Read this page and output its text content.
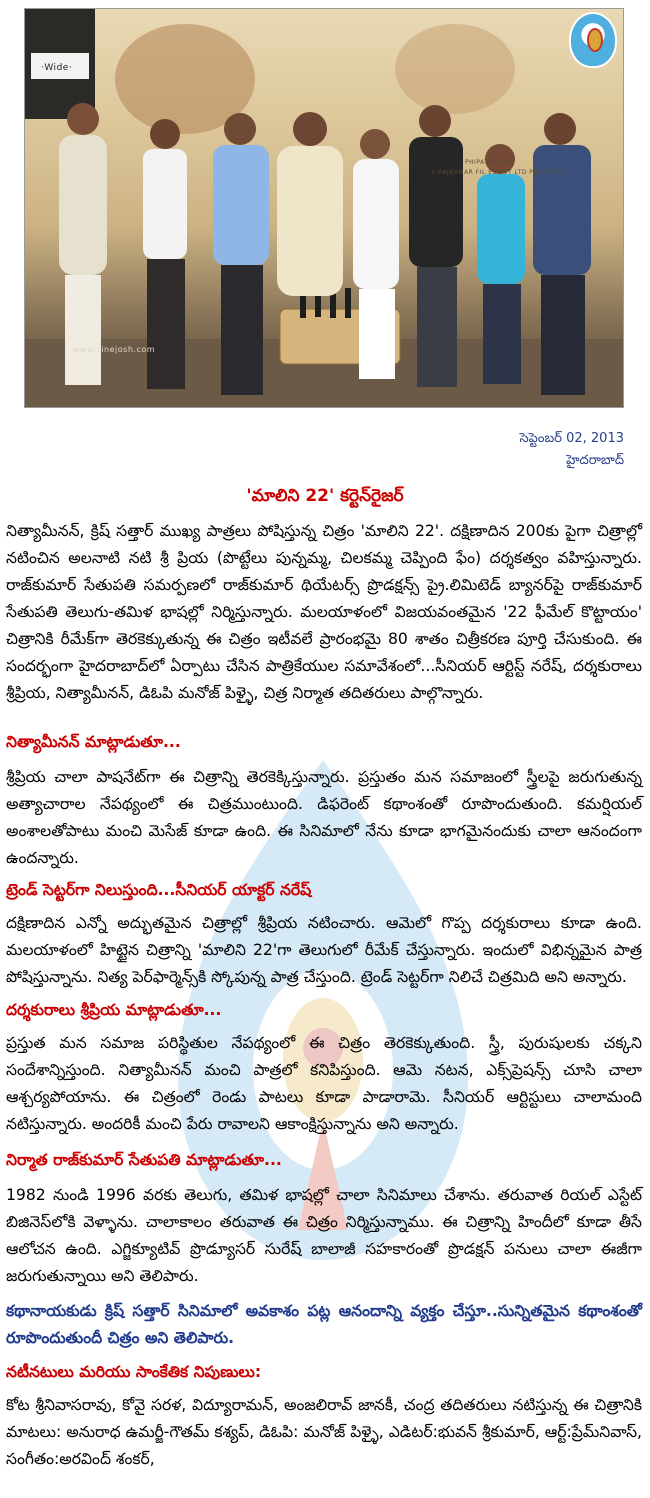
·Wide·
PHIPATHY ENT
+ RAJKUMAR FIL ES PVT LTD PRESENTS
www.cinejosh.com
సెప్టెంబర్ 02, 2013
హైదరాబాద్
'మాలిని 22' కర్టెన్‌రైజర్

నిత్యామీనన్, క్రిష్ సత్తార్ ముఖ్య పాత్రలు పోషిస్తున్న చిత్రం 'మాలిని 22'. దక్షిణాదిన 200కు పైగా చిత్రాల్లో నటించిన అలనాటి నటి శ్రీ ప్రియ (పొట్టేలు పున్నమ్మ, చిలకమ్మ చెప్పింది ఫేం) దర్శకత్వం వహిస్తున్నారు. రాజ్‌కుమార్ సేతుపతి సమర్పణలో రాజ్‌కుమార్ థియేటర్స్ ప్రొడక్షన్స్ ప్రై.లిమిటెడ్ బ్యానర్‌పై రాజ్‌కుమార్ సేతుపతి తెలుగు-తమిళ భాషల్లో నిర్మిస్తున్నారు. మలయాళంలో విజయవంతమైన '22 ఫీమేల్ కొట్టాయం' చిత్రానికి రీమేక్‌గా తెరకెక్కుతున్న ఈ చిత్రం ఇటీవలే ప్రారంభమై 80 శాతం చిత్రీకరణ పూర్తి చేసుకుంది. ఈ సందర్భంగా హైదరాబాద్‌లో ఏర్పాటు చేసిన పాత్రికేయుల సమావేశంలో...సీనియర్ ఆర్టిస్ట్ నరేష్, దర్శకురాలు శ్రీప్రియ, నిత్యామీనన్, డిఓపి మనోజ్ పిళ్ళై, చిత్ర నిర్మాత తదితరులు పాల్గొన్నారు.

నిత్యామీనన్ మాట్లాడుతూ...

శ్రీప్రియ చాలా పాషనేట్‌గా ఈ చిత్రాన్ని తెరకెక్కిస్తున్నారు. ప్రస్తుతం మన సమాజంలో స్త్రీలపై జరుగుతున్న అత్యాచారాల నేపథ్యంలో ఈ చిత్రముంటుంది. డిఫరెంట్ కథాంశంతో రూపొందుతుంది. కమర్షియల్ అంశాలతోపాటు మంచి మెసేజ్ కూడా ఉంది. ఈ సినిమాలో నేను కూడా భాగమైనందుకు చాలా ఆనందంగా ఉందన్నారు.

ట్రెండ్ సెట్టర్‌గా నిలుస్తుంది...సీనియర్ యాక్టర్ నరేష్

దక్షిణాదిన ఎన్నో అద్భుతమైన చిత్రాల్లో శ్రీప్రియ నటించారు. ఆమెలో గొప్ప దర్శకురాలు కూడా ఉంది. మలయాళంలో హిట్టైన చిత్రాన్ని 'మాలిని 22'గా తెలుగులో రీమేక్ చేస్తున్నారు. ఇందులో విభిన్నమైన పాత్ర పోషిస్తున్నాను. నిత్య పెర్‌ఫార్మెన్స్‌కి స్కోపున్న పాత్ర చేస్తుంది. ట్రెండ్ సెట్టర్‌గా నిలిచే చిత్రమిది అని అన్నారు.

దర్శకురాలు శ్రీప్రియ మాట్లాడుతూ...

ప్రస్తుత మన సమాజ పరిస్థితుల నేపథ్యంలో ఈ చిత్రం తెరకెక్కుతుంది. స్త్రీ, పురుషులకు చక్కని సందేశాన్నిస్తుంది. నిత్యామీనన్ మంచి పాత్రలో కనిపిస్తుంది. ఆమె నటన, ఎక్స్‌ప్రెషన్స్ చూసి చాలా ఆశ్చర్యపోయాను. ఈ చిత్రంలో రెండు పాటలు కూడా పాడారామె. సీనియర్ ఆర్టిస్టులు చాలామంది నటిస్తున్నారు. అందరికీ మంచి పేరు రావాలని ఆకాంక్షిస్తున్నాను అని అన్నారు.

నిర్మాత రాజ్‌కుమార్ సేతుపతి మాట్లాడుతూ...

1982 నుండి 1996 వరకు తెలుగు, తమిళ భాషల్లో చాలా సినిమాలు చేశాను. తరువాత రియల్ ఎస్టేట్ బిజినెస్‌లోకి వెళ్ళాను. చాలాకాలం తరువాత ఈ చిత్రం నిర్మిస్తున్నాము. ఈ చిత్రాన్ని హిందీలో కూడా తీసే ఆలోచన ఉంది. ఎగ్జిక్యూటివ్ ప్రొడ్యూసర్ సురేష్ బాలాజీ సహకారంతో ప్రొడక్షన్ పనులు చాలా ఈజీగా జరుగుతున్నాయి అని తెలిపారు.

కథానాయకుడు క్రిష్ సత్తార్ సినిమాలో అవకాశం పట్ల ఆనందాన్ని వ్యక్తం చేస్తూ..సున్నితమైన కథాంశంతో రూపొందుతుందీ చిత్రం అని తెలిపారు.

నటీనటులు మరియు సాంకేతిక నిపుణులు:

కోట శ్రీనివాసరావు, కోవై సరళ, విద్యూరామన్, అంజలిరావ్ జానకీ, చంద్ర తదితరులు నటిస్తున్న ఈ చిత్రానికి మాటలు: అనురాధ ఉమర్జీ-గౌతమ్ కశ్యప్, డిఓపి: మనోజ్ పిళ్ళై, ఎడిటర్:భువన్ శ్రీకుమార్, ఆర్ట్:ప్రేమ్‌నివాస్, సంగీతం:అరవింద్ శంకర్,
